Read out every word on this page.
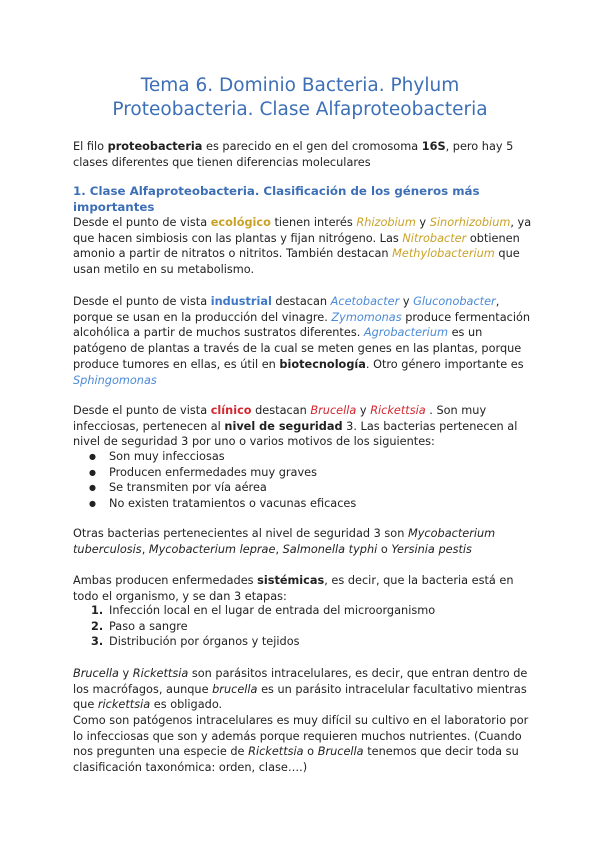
Tema 6. Dominio Bacteria. Phylum
Proteobacteria. Clase Alfaproteobacteria

El filo proteobacteria es parecido en el gen del cromosoma 16S, pero hay 5 clases diferentes que tienen diferencias moleculares

1. Clase Alfaproteobacteria. Clasificación de los géneros más importantes

Desde el punto de vista ecológico tienen interés Rhizobium y Sinorhizobium, ya que hacen simbiosis con las plantas y fijan nitrógeno. Las Nitrobacter obtienen amonio a partir de nitratos o nitritos. También destacan Methylobacterium que usan metilo en su metabolismo.

Desde el punto de vista industrial destacan Acetobacter y Gluconobacter, porque se usan en la producción del vinagre. Zymomonas produce fermentación alcohólica a partir de muchos sustratos diferentes. Agrobacterium es un patógeno de plantas a través de la cual se meten genes en las plantas, porque produce tumores en ellas, es útil en biotecnología. Otro género importante es Sphingomonas

Desde el punto de vista clínico destacan Brucella y Rickettsia . Son muy infecciosas, pertenecen al nivel de seguridad 3. Las bacterias pertenecen al nivel de seguridad 3 por uno o varios motivos de los siguientes:

● Son muy infecciosas
● Producen enfermedades muy graves
● Se transmiten por vía aérea
● No existen tratamientos o vacunas eficaces

Otras bacterias pertenecientes al nivel de seguridad 3 son Mycobacterium tuberculosis, Mycobacterium leprae, Salmonella typhi o Yersinia pestis

Ambas producen enfermedades sistémicas, es decir, que la bacteria está en todo el organismo, y se dan 3 etapas:

1. Infección local en el lugar de entrada del microorganismo
2. Paso a sangre
3. Distribución por órganos y tejidos

Brucella y Rickettsia son parásitos intracelulares, es decir, que entran dentro de los macrófagos, aunque brucella es un parásito intracelular facultativo mientras que rickettsia es obligado.

Como son patógenos intracelulares es muy difícil su cultivo en el laboratorio por lo infecciosas que son y además porque requieren muchos nutrientes. (Cuando nos pregunten una especie de Rickettsia o Brucella tenemos que decir toda su clasificación taxonómica: orden, clase….)
